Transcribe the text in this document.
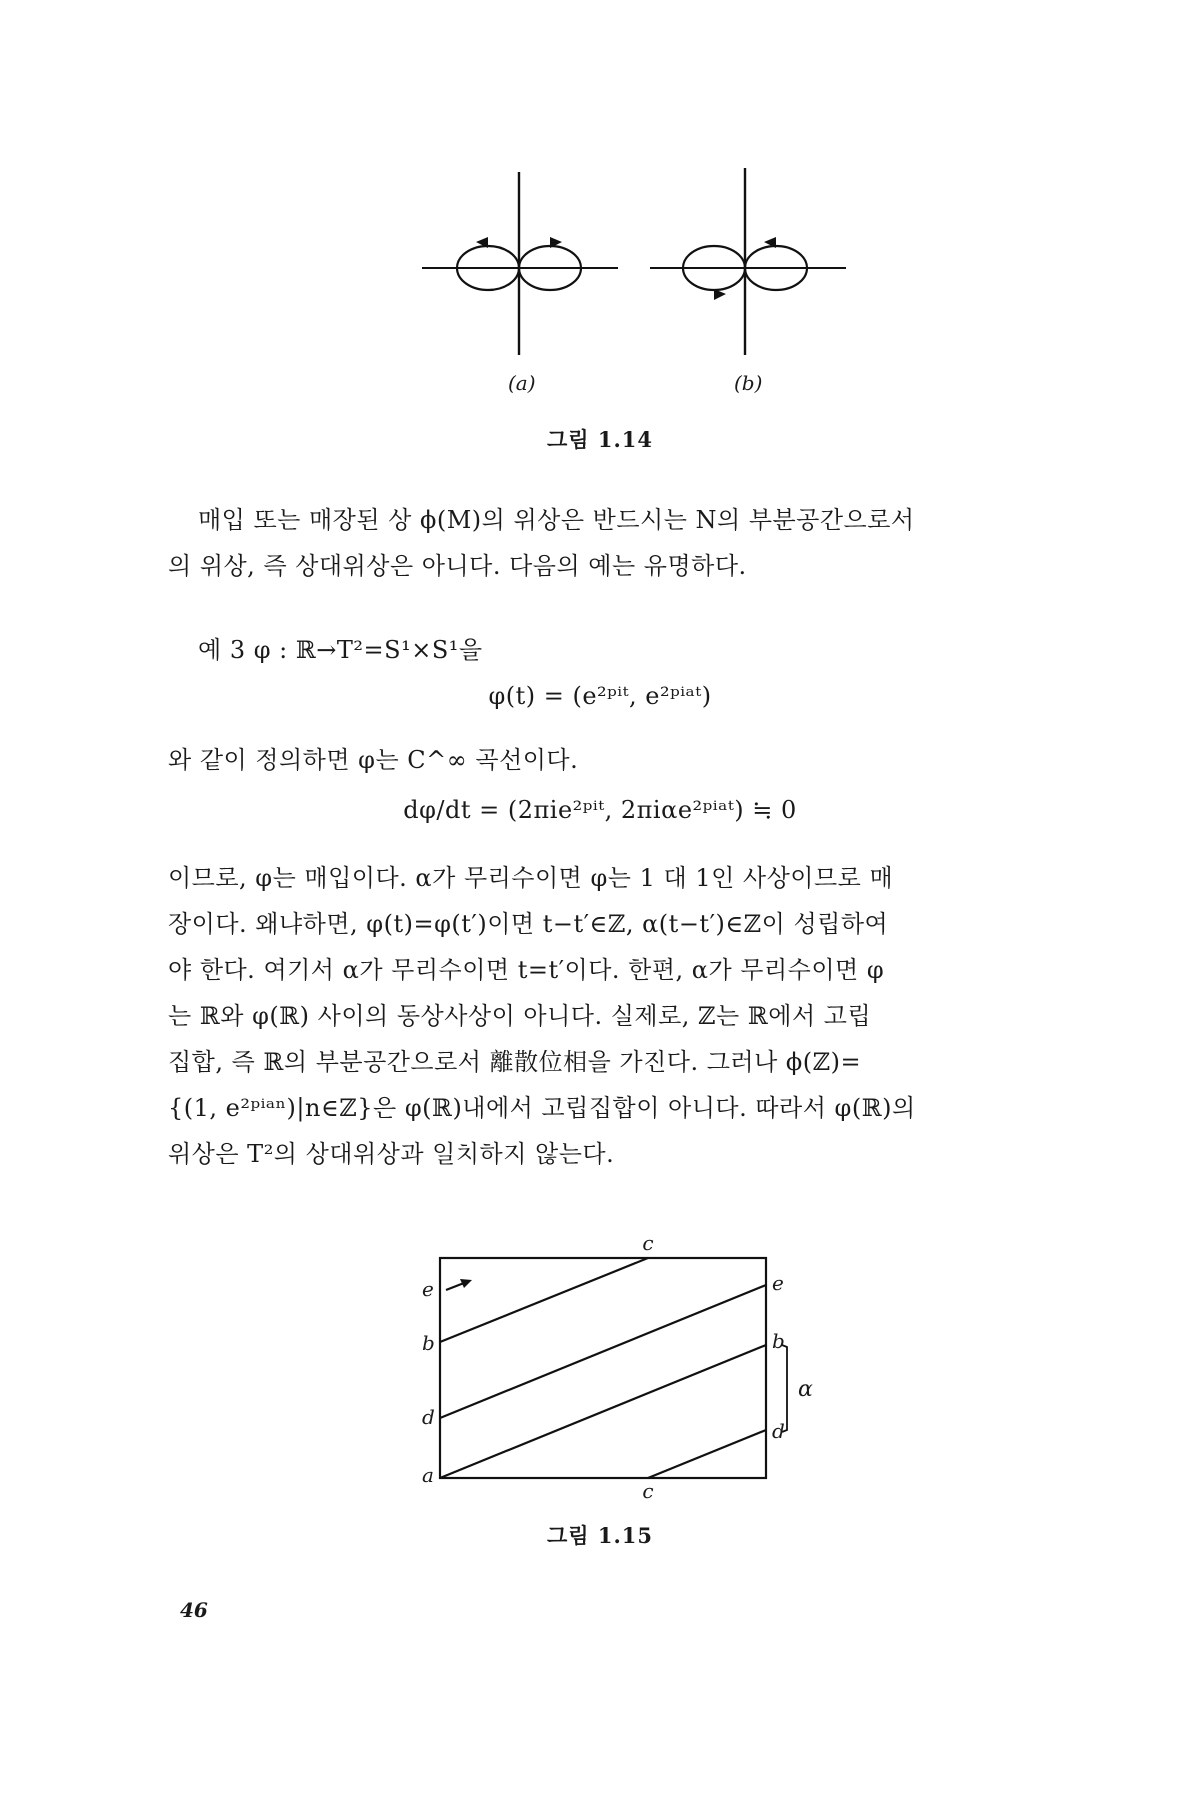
(a)	(b)
그림 1.14
매입 또는 매장된 상 ϕ(M)의 위상은 반드시는 N의 부분공간으로서
의 위상, 즉 상대위상은 아니다. 다음의 예는 유명하다.
예 3 φ : ℝ→T²=S¹×S¹을
φ(t) = (e²ᵖⁱᵗ, e²ᵖⁱᵃᵗ)
와 같이 정의하면 φ는 C^∞ 곡선이다.
dφ/dt = (2πie²ᵖⁱᵗ, 2πiαe²ᵖⁱᵃᵗ) ≒ 0
이므로, φ는 매입이다. α가 무리수이면 φ는 1 대 1인 사상이므로 매
장이다. 왜냐하면, φ(t)=φ(t′)이면 t−t′∈ℤ, α(t−t′)∈ℤ이 성립하여
야 한다. 여기서 α가 무리수이면 t=t′이다. 한편, α가 무리수이면 φ
는 ℝ와 φ(ℝ) 사이의 동상사상이 아니다. 실제로, ℤ는 ℝ에서 고립
집합, 즉 ℝ의 부분공간으로서 離散位相을 가진다. 그러나 ϕ(ℤ)=
{(1, e²ᵖⁱᵃⁿ)|n∈ℤ}은 φ(ℝ)내에서 고립집합이 아니다. 따라서 φ(ℝ)의
위상은 T²의 상대위상과 일치하지 않는다.
c
e	e
b	b
d
d
a
c
α
그림 1.15
46
